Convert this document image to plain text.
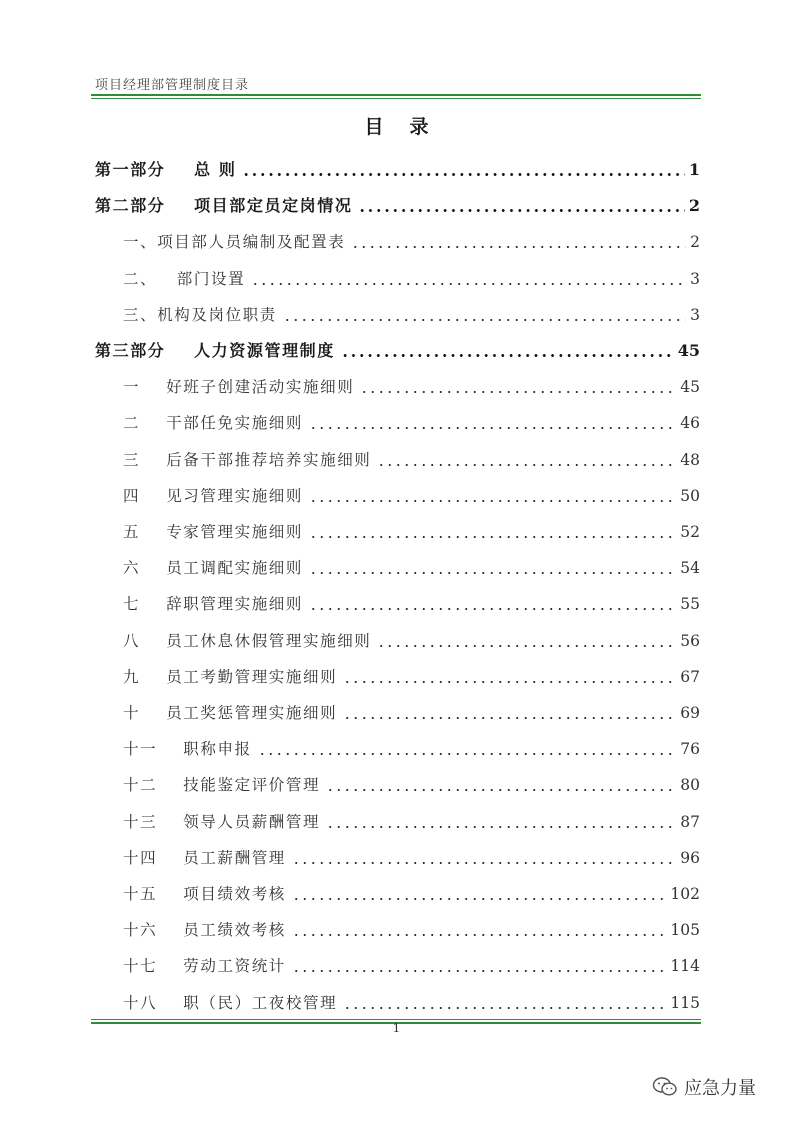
项目经理部管理制度目录
目录
第一部分    总 则	1
第二部分    项目部定员定岗情况	2
一、项目部人员编制及配置表	2
二、   部门设置	3
三、机构及岗位职责	3
第三部分    人力资源管理制度	45
一    好班子创建活动实施细则	45
二    干部任免实施细则	46
三    后备干部推荐培养实施细则	48
四    见习管理实施细则	50
五    专家管理实施细则	52
六    员工调配实施细则	54
七    辞职管理实施细则	55
八    员工休息休假管理实施细则	56
九    员工考勤管理实施细则	67
十    员工奖惩管理实施细则	69
十一    职称申报	76
十二    技能鉴定评价管理	80
十三    领导人员薪酬管理	87
十四    员工薪酬管理	96
十五    项目绩效考核	102
十六    员工绩效考核	105
十七    劳动工资统计	114
十八    职（民）工夜校管理	115
1
应急力量
